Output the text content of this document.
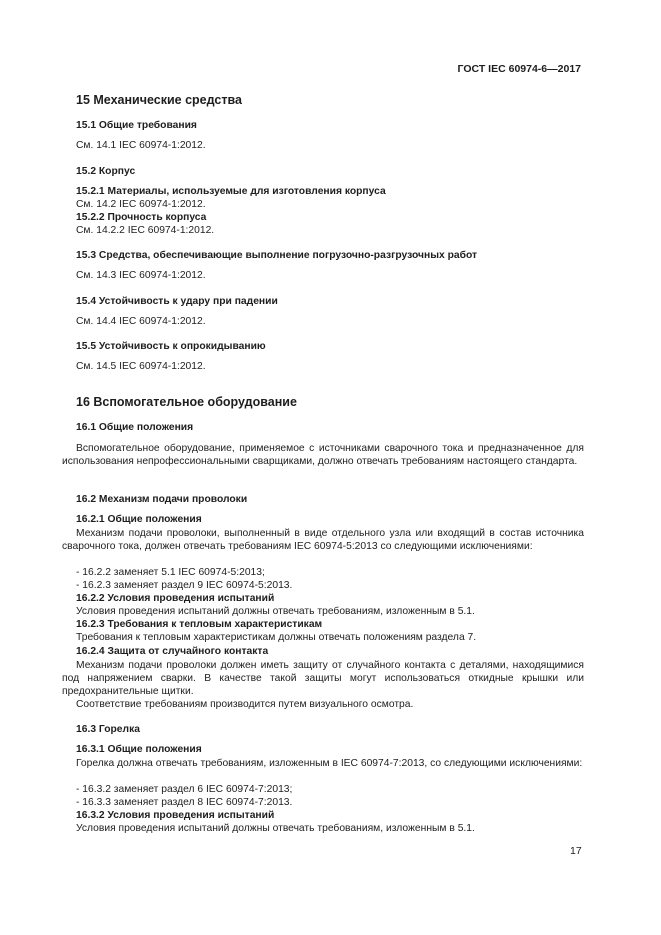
ГОСТ IEC 60974-6—2017

15 Механические средства

15.1 Общие требования

См. 14.1 IEC 60974-1:2012.

15.2 Корпус

15.2.1 Материалы, используемые для изготовления корпуса

См. 14.2 IEC 60974-1:2012.

15.2.2 Прочность корпуса

См. 14.2.2 IEC 60974-1:2012.

15.3 Средства, обеспечивающие выполнение погрузочно-разгрузочных работ

См. 14.3 IEC 60974-1:2012.

15.4 Устойчивость к удару при падении

См. 14.4 IEC 60974-1:2012.

15.5 Устойчивость к опрокидыванию

См. 14.5 IEC 60974-1:2012.

16 Вспомогательное оборудование

16.1 Общие положения

Вспомогательное оборудование, применяемое с источниками сварочного тока и предназначенное для использования непрофессиональными сварщиками, должно отвечать требованиям настоящего стандарта.

16.2 Механизм подачи проволоки

16.2.1 Общие положения

Механизм подачи проволоки, выполненный в виде отдельного узла или входящий в состав источника сварочного тока, должен отвечать требованиям IEC 60974-5:2013 со следующими исключениями:

- 16.2.2 заменяет 5.1 IEC 60974-5:2013;

- 16.2.3 заменяет раздел 9 IEC 60974-5:2013.

16.2.2 Условия проведения испытаний

Условия проведения испытаний должны отвечать требованиям, изложенным в 5.1.

16.2.3 Требования к тепловым характеристикам

Требования к тепловым характеристикам должны отвечать положениям раздела 7.

16.2.4 Защита от случайного контакта

Механизм подачи проволоки должен иметь защиту от случайного контакта с деталями, находящимися под напряжением сварки. В качестве такой защиты могут использоваться откидные крышки или предохранительные щитки.

Соответствие требованиям производится путем визуального осмотра.

16.3 Горелка

16.3.1 Общие положения

Горелка должна отвечать требованиям, изложенным в IEC 60974-7:2013, со следующими исключениями:

- 16.3.2 заменяет раздел 6 IEC 60974-7:2013;

- 16.3.3 заменяет раздел 8 IEC 60974-7:2013.

16.3.2 Условия проведения испытаний

Условия проведения испытаний должны отвечать требованиям, изложенным в 5.1.

17
